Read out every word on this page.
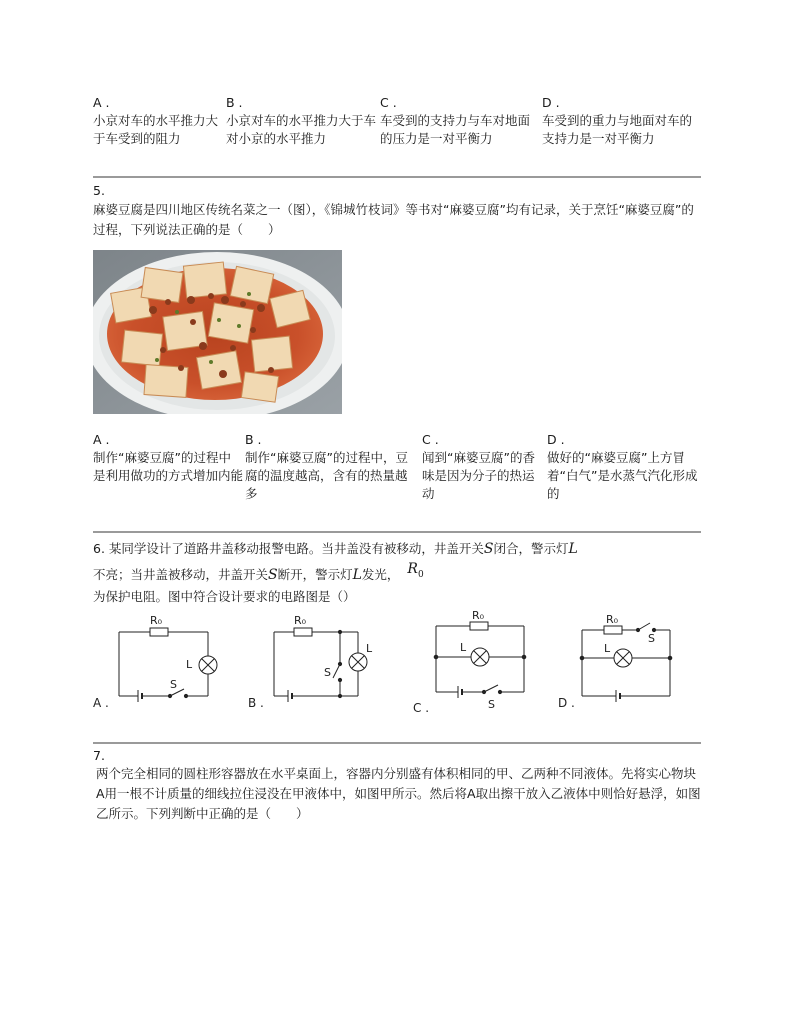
A .
小京对车的水平推力大于车受到的阻力
B .
小京对车的水平推力大于车对小京的水平推力
C .
车受到的支持力与车对地面的压力是一对平衡力
D .
车受到的重力与地面对车的支持力是一对平衡力
5.
麻婆豆腐是四川地区传统名菜之一（图），《锦城竹枝词》等书对“麻婆豆腐”均有记录，关于烹饪“麻婆豆腐”的过程，下列说法正确的是（　　）
A .
制作“麻婆豆腐”的过程中是利用做功的方式增加内能
B .
制作“麻婆豆腐”的过程中，豆腐的温度越高，含有的热量越多
C .
闻到“麻婆豆腐”的香味是因为分子的热运动
D .
做好的“麻婆豆腐”上方冒着“白气”是水蒸气汽化形成的
6. 某同学设计了道路井盖移动报警电路。当井盖没有被移动，井盖开关S闭合，警示灯L
不亮；当井盖被移动，井盖开关S断开，警示灯L发光， $R_0$
为保护电阻。图中符合设计要求的电路图是（）
R₀
L
S
R₀
L
S
R₀
L
S
R₀
L
S
A .	B .	C .	D .
7.
两个完全相同的圆柱形容器放在水平桌面上，容器内分别盛有体积相同的甲、乙两种不同液体。先将实心物块A用一根不计质量的细线拉住浸没在甲液体中，如图甲所示。然后将A取出擦干放入乙液体中则恰好悬浮，如图乙所示。下列判断中正确的是（　　）
